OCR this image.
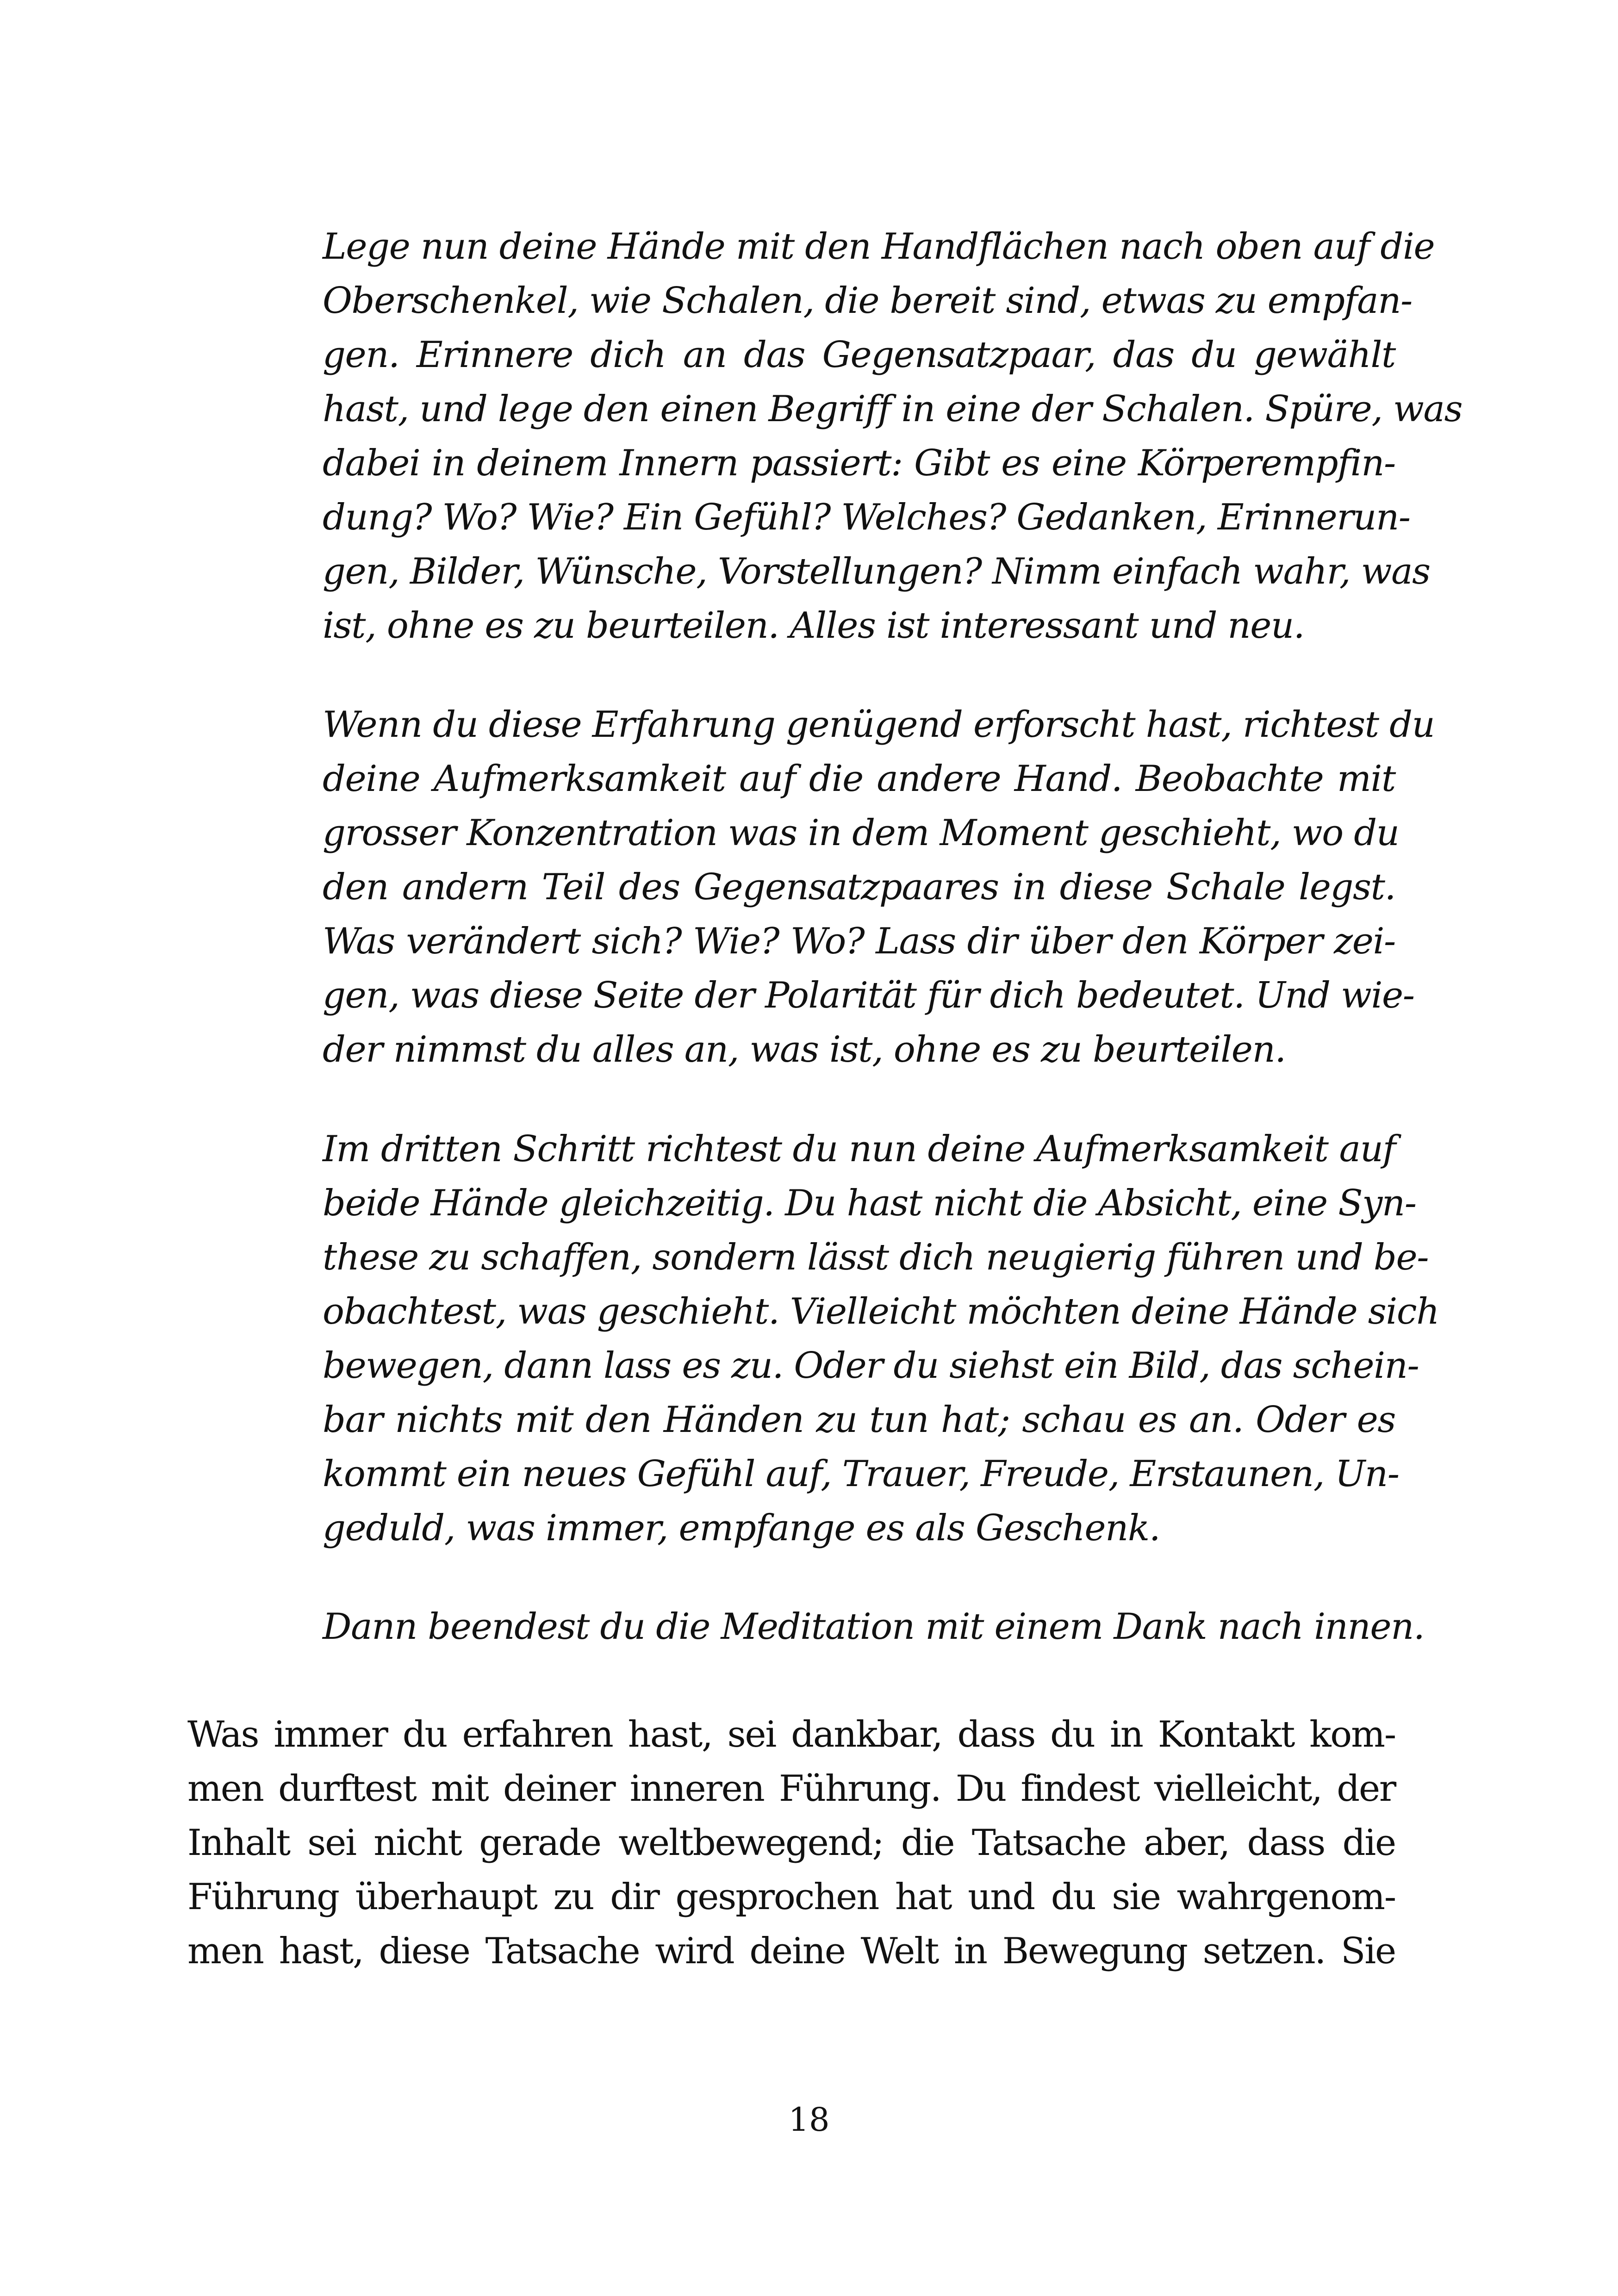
Lege nun deine Hände mit den Handflächen nach oben auf die
Oberschenkel, wie Schalen, die bereit sind, etwas zu empfan-
gen. Erinnere dich an das Gegensatzpaar, das du gewählt
hast, und lege den einen Begriff in eine der Schalen. Spüre, was
dabei in deinem Innern passiert: Gibt es eine Körperempfin-
dung? Wo? Wie? Ein Gefühl? Welches? Gedanken, Erinnerun-
gen, Bilder, Wünsche, Vorstellungen? Nimm einfach wahr, was
ist, ohne es zu beurteilen. Alles ist interessant und neu.
Wenn du diese Erfahrung genügend erforscht hast, richtest du
deine Aufmerksamkeit auf die andere Hand. Beobachte mit
grosser Konzentration was in dem Moment geschieht, wo du
den andern Teil des Gegensatzpaares in diese Schale legst.
Was verändert sich? Wie? Wo? Lass dir über den Körper zei-
gen, was diese Seite der Polarität für dich bedeutet. Und wie-
der nimmst du alles an, was ist, ohne es zu beurteilen.
Im dritten Schritt richtest du nun deine Aufmerksamkeit auf
beide Hände gleichzeitig. Du hast nicht die Absicht, eine Syn-
these zu schaffen, sondern lässt dich neugierig führen und be-
obachtest, was geschieht. Vielleicht möchten deine Hände sich
bewegen, dann lass es zu. Oder du siehst ein Bild, das schein-
bar nichts mit den Händen zu tun hat; schau es an. Oder es
kommt ein neues Gefühl auf, Trauer, Freude, Erstaunen, Un-
geduld, was immer, empfange es als Geschenk.
Dann beendest du die Meditation mit einem Dank nach innen.
Was immer du erfahren hast, sei dankbar, dass du in Kontakt kom-
men durftest mit deiner inneren Führung. Du findest vielleicht, der
Inhalt sei nicht gerade weltbewegend; die Tatsache aber, dass die
Führung überhaupt zu dir gesprochen hat und du sie wahrgenom-
men hast, diese Tatsache wird deine Welt in Bewegung setzen. Sie
18
